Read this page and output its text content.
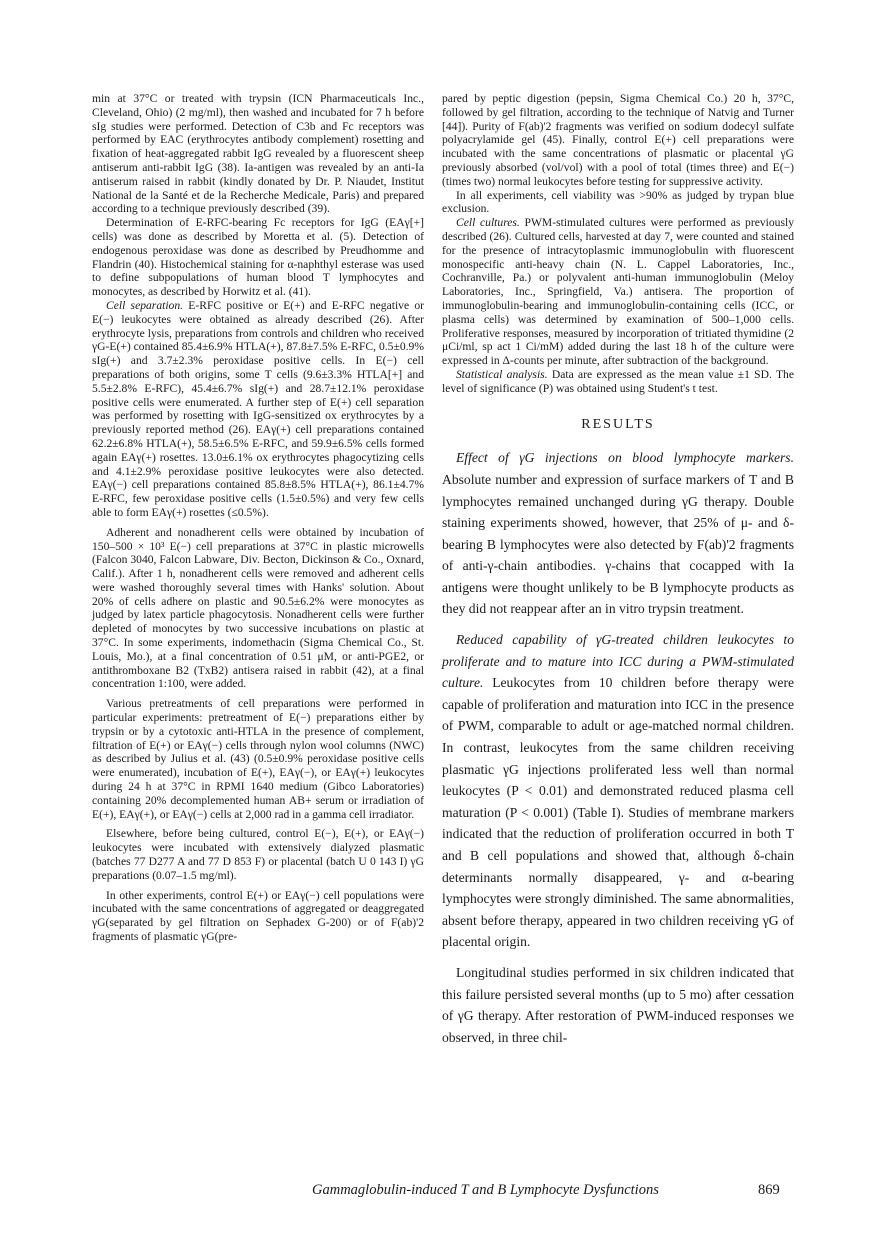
min at 37°C or treated with trypsin (ICN Pharmaceuticals Inc., Cleveland, Ohio) (2 mg/ml), then washed and incubated for 7 h before sIg studies were performed. Detection of C3b and Fc receptors was performed by EAC (erythrocytes antibody complement) rosetting and fixation of heat-aggregated rabbit IgG revealed by a fluorescent sheep antiserum anti-rabbit IgG (38). Ia-antigen was revealed by an anti-Ia antiserum raised in rabbit (kindly donated by Dr. P. Niaudet, Institut National de la Santé et de la Recherche Medicale, Paris) and prepared according to a technique previously described (39).

Determination of E-RFC-bearing Fc receptors for IgG (EAγ[+] cells) was done as described by Moretta et al. (5). Detection of endogenous peroxidase was done as described by Preudhomme and Flandrin (40). Histochemical staining for α-naphthyl esterase was used to define subpopulations of human blood T lymphocytes and monocytes, as described by Horwitz et al. (41).

Cell separation. E-RFC positive or E(+) and E-RFC negative or E(−) leukocytes were obtained as already described (26). After erythrocyte lysis, preparations from controls and children who received γG-E(+) contained 85.4±6.9% HTLA(+), 87.8±7.5% E-RFC, 0.5±0.9% sIg(+) and 3.7±2.3% peroxidase positive cells. In E(−) cell preparations of both origins, some T cells (9.6±3.3% HTLA[+] and 5.5±2.8% E-RFC), 45.4±6.7% sIg(+) and 28.7±12.1% peroxidase positive cells were enumerated. A further step of E(+) cell separation was performed by rosetting with IgG-sensitized ox erythrocytes by a previously reported method (26). EAγ(+) cell preparations contained 62.2±6.8% HTLA(+), 58.5±6.5% E-RFC, and 59.9±6.5% cells formed again EAγ(+) rosettes. 13.0±6.1% ox erythrocytes phagocytizing cells and 4.1±2.9% peroxidase positive leukocytes were also detected. EAγ(−) cell preparations contained 85.8±8.5% HTLA(+), 86.1±4.7% E-RFC, few peroxidase positive cells (1.5±0.5%) and very few cells able to form EAγ(+) rosettes (≤0.5%).

Adherent and nonadherent cells were obtained by incubation of 150–500 × 10³ E(−) cell preparations at 37°C in plastic microwells (Falcon 3040, Falcon Labware, Div. Becton, Dickinson & Co., Oxnard, Calif.). After 1 h, nonadherent cells were removed and adherent cells were washed thoroughly several times with Hanks' solution. About 20% of cells adhere on plastic and 90.5±6.2% were monocytes as judged by latex particle phagocytosis. Nonadherent cells were further depleted of monocytes by two successive incubations on plastic at 37°C. In some experiments, indomethacin (Sigma Chemical Co., St. Louis, Mo.), at a final concentration of 0.51 μM, or anti-PGE2, or antithromboxane B2 (TxB2) antisera raised in rabbit (42), at a final concentration 1:100, were added.

Various pretreatments of cell preparations were performed in particular experiments: pretreatment of E(−) preparations either by trypsin or by a cytotoxic anti-HTLA in the presence of complement, filtration of E(+) or EAγ(−) cells through nylon wool columns (NWC) as described by Julius et al. (43) (0.5±0.9% peroxidase positive cells were enumerated), incubation of E(+), EAγ(−), or EAγ(+) leukocytes during 24 h at 37°C in RPMI 1640 medium (Gibco Laboratories) containing 20% decomplemented human AB+ serum or irradiation of E(+), EAγ(+), or EAγ(−) cells at 2,000 rad in a gamma cell irradiator.

Elsewhere, before being cultured, control E(−), E(+), or EAγ(−) leukocytes were incubated with extensively dialyzed plasmatic (batches 77 D277 A and 77 D 853 F) or placental (batch U 0 143 I) γG preparations (0.07–1.5 mg/ml).

In other experiments, control E(+) or EAγ(−) cell populations were incubated with the same concentrations of aggregated or deaggregated γG(separated by gel filtration on Sephadex G-200) or of F(ab)'2 fragments of plasmatic γG(pre-

pared by peptic digestion (pepsin, Sigma Chemical Co.) 20 h, 37°C, followed by gel filtration, according to the technique of Natvig and Turner [44]). Purity of F(ab)'2 fragments was verified on sodium dodecyl sulfate polyacrylamide gel (45). Finally, control E(+) cell preparations were incubated with the same concentrations of plasmatic or placental γG previously absorbed (vol/vol) with a pool of total (times three) and E(−) (times two) normal leukocytes before testing for suppressive activity.

In all experiments, cell viability was >90% as judged by trypan blue exclusion.

Cell cultures. PWM-stimulated cultures were performed as previously described (26). Cultured cells, harvested at day 7, were counted and stained for the presence of intracytoplasmic immunoglobulin with fluorescent monospecific anti-heavy chain (N. L. Cappel Laboratories, Inc., Cochranville, Pa.) or polyvalent anti-human immunoglobulin (Meloy Laboratories, Inc., Springfield, Va.) antisera. The proportion of immunoglobulin-bearing and immunoglobulin-containing cells (ICC, or plasma cells) was determined by examination of 500–1,000 cells. Proliferative responses, measured by incorporation of tritiated thymidine (2 μCi/ml, sp act 1 Ci/mM) added during the last 18 h of the culture were expressed in Δ-counts per minute, after subtraction of the background.

Statistical analysis. Data are expressed as the mean value ±1 SD. The level of significance (P) was obtained using Student's t test.

RESULTS

Effect of γG injections on blood lymphocyte markers. Absolute number and expression of surface markers of T and B lymphocytes remained unchanged during γG therapy. Double staining experiments showed, however, that 25% of μ- and δ-bearing B lymphocytes were also detected by F(ab)'2 fragments of anti-γ-chain antibodies. γ-chains that cocapped with Ia antigens were thought unlikely to be B lymphocyte products as they did not reappear after an in vitro trypsin treatment.

Reduced capability of γG-treated children leukocytes to proliferate and to mature into ICC during a PWM-stimulated culture. Leukocytes from 10 children before therapy were capable of proliferation and maturation into ICC in the presence of PWM, comparable to adult or age-matched normal children. In contrast, leukocytes from the same children receiving plasmatic γG injections proliferated less well than normal leukocytes (P < 0.01) and demonstrated reduced plasma cell maturation (P < 0.001) (Table I). Studies of membrane markers indicated that the reduction of proliferation occurred in both T and B cell populations and showed that, although δ-chain determinants normally disappeared, γ- and α-bearing lymphocytes were strongly diminished. The same abnormalities, absent before therapy, appeared in two children receiving γG of placental origin.

Longitudinal studies performed in six children indicated that this failure persisted several months (up to 5 mo) after cessation of γG therapy. After restoration of PWM-induced responses we observed, in three chil-

Gammaglobulin-induced T and B Lymphocyte Dysfunctions	869
